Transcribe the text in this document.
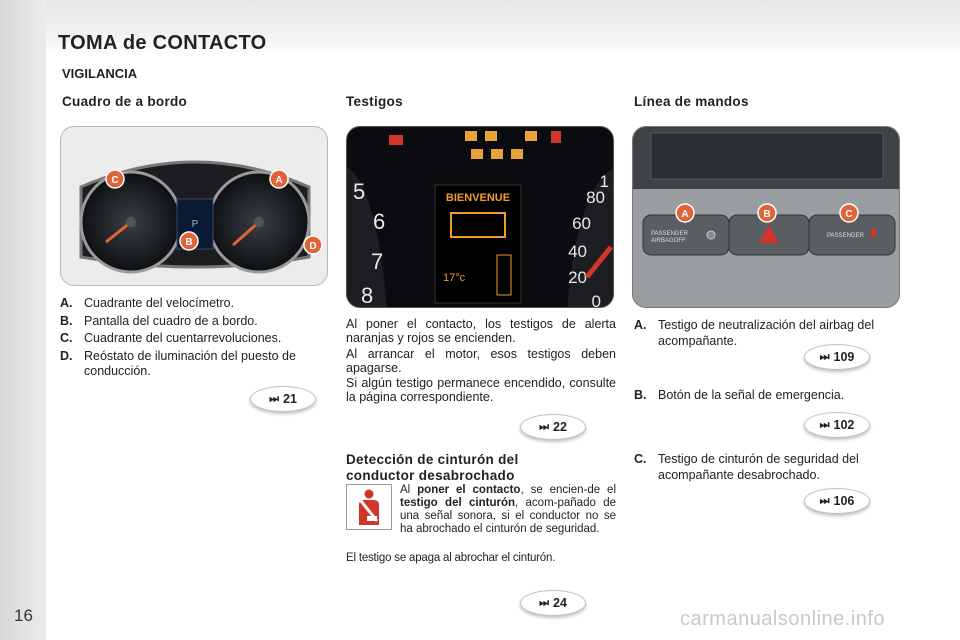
16
TOMA de CONTACTO
VIGILANCIA
Cuadro de a bordo
P
C	A
B	D
A. Cuadrante del velocímetro.
B. Pantalla del cuadro de a bordo.
C. Cuadrante del cuentarrevoluciones.
D. Reóstato de iluminación del puesto de conducción.
⏭ 21
Testigos
5
6
7
8
1
80
60
40
20
0
BIENVENUE
17°c
Al poner el contacto, los testigos de alerta naranjas y rojos se encienden.
Al arrancar el motor, esos testigos deben apagarse.
Si algún testigo permanece encendido, consulte la página correspondiente.
⏭ 22
Detección de cinturón del conductor desabrochado
Al poner el contacto, se encien-de el testigo del cinturón, acom-pañado de una señal sonora, si el conductor no se ha abrochado el cinturón de seguridad.
El testigo se apaga al abrochar el cinturón.
⏭ 24
Línea de mandos
PASSENGER
AIRBAGOFF
PASSENGER
A	B	C
A. Testigo de neutralización del airbag del acompañante.
⏭ 109
B. Botón de la señal de emergencia.
⏭ 102
C. Testigo de cinturón de seguridad del acompañante desabrochado.
⏭ 106
carmanualsonline.info
